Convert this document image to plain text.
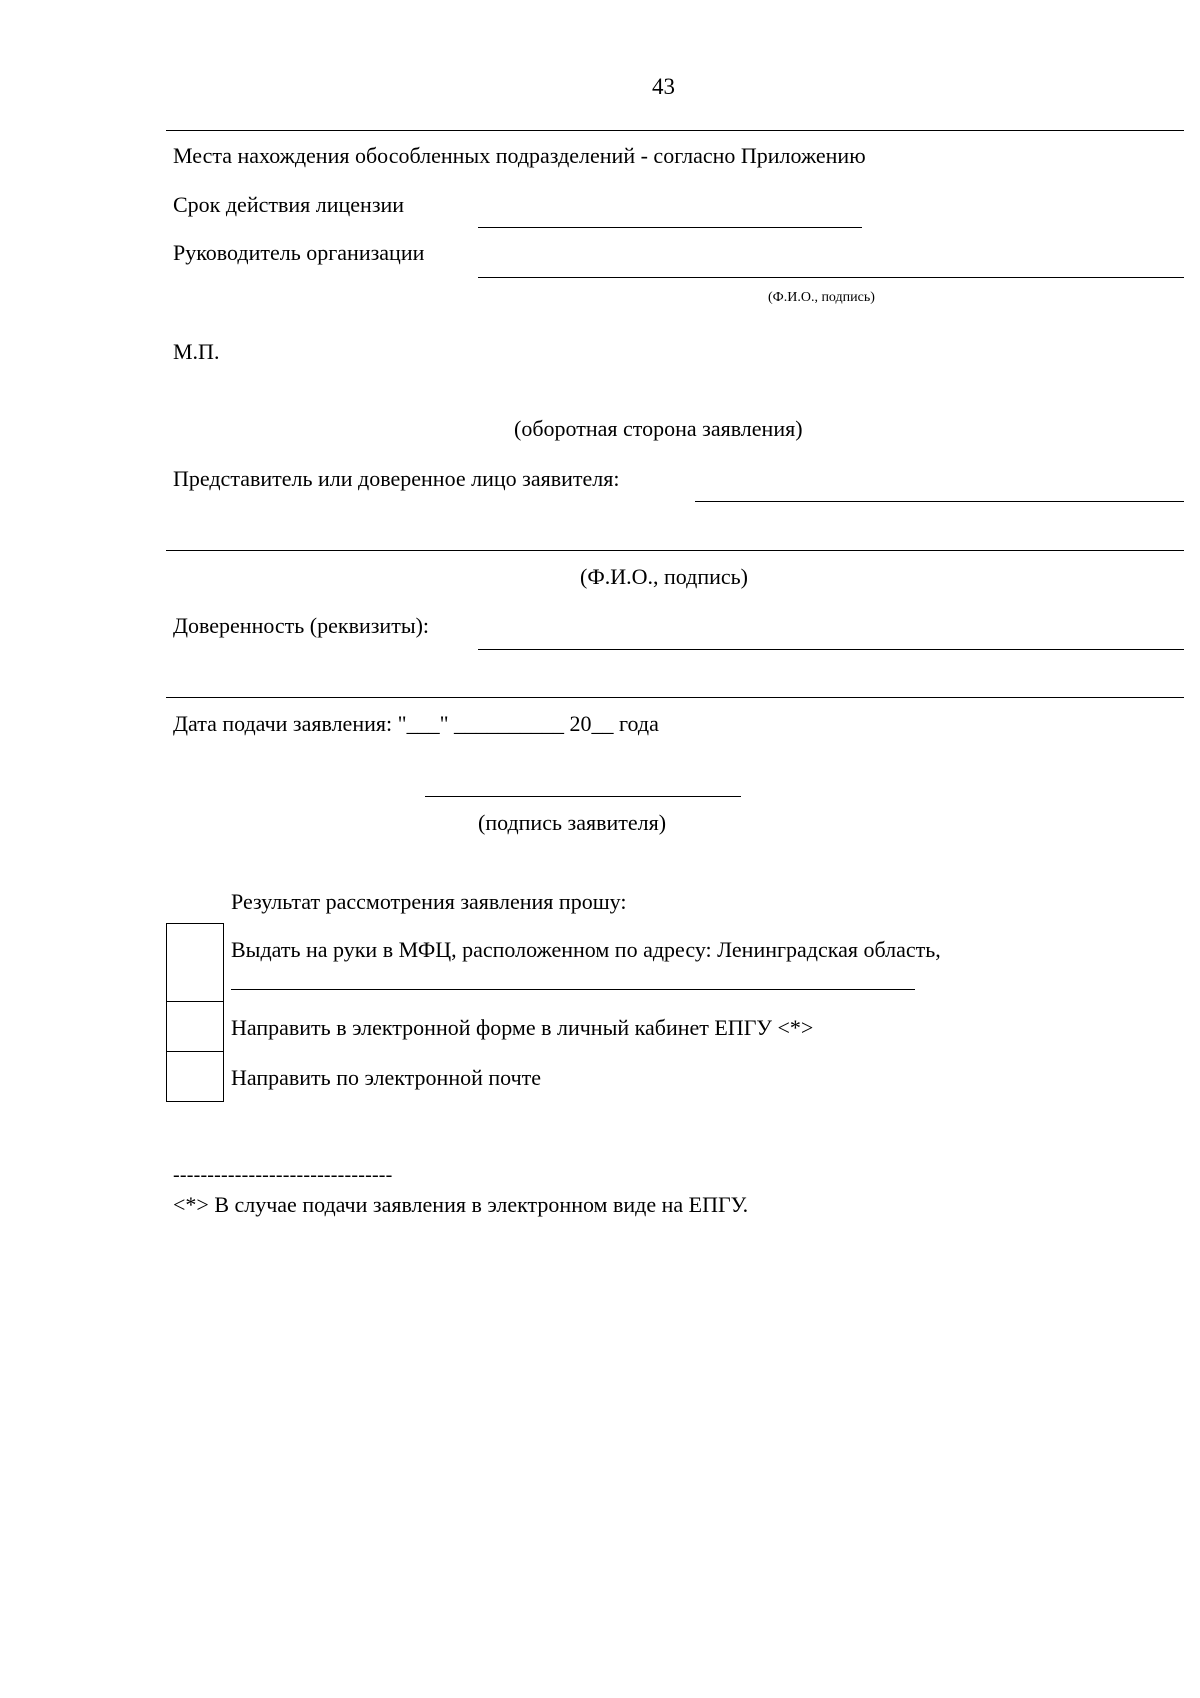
43
Места нахождения обособленных подразделений - согласно Приложению
Срок действия лицензии
Руководитель организации
(Ф.И.О., подпись)
М.П.
(оборотная сторона заявления)
Представитель или доверенное лицо заявителя:
(Ф.И.О., подпись)
Доверенность (реквизиты):
Дата подачи заявления: "___" __________ 20__ года
(подпись заявителя)
Результат рассмотрения заявления прошу:
Выдать на руки в МФЦ, расположенном по адресу: Ленинградская область,
Направить в электронной форме в личный кабинет ЕПГУ <*>
Направить по электронной почте
--------------------------------
<*> В случае подачи заявления в электронном виде на ЕПГУ.
